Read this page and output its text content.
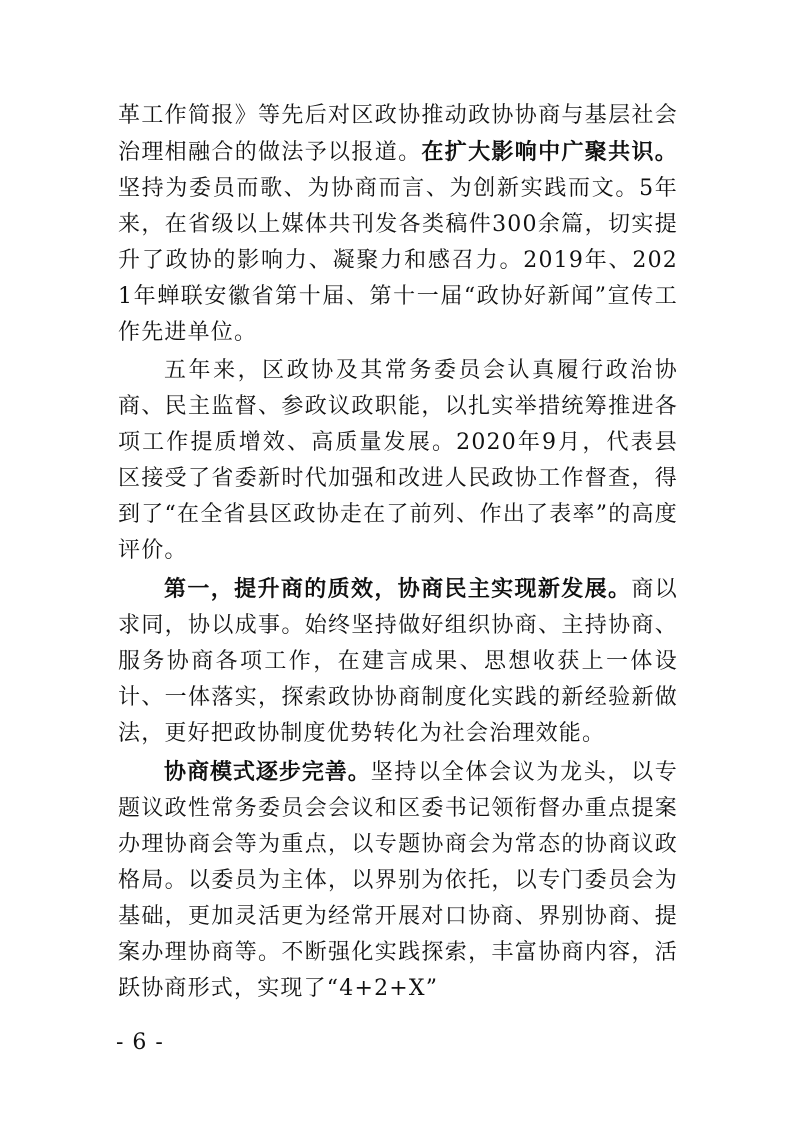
革工作简报》等先后对区政协推动政协协商与基层社会治理相融合的做法予以报道。在扩大影响中广聚共识。坚持为委员而歌、为协商而言、为创新实践而文。5年来，在省级以上媒体共刊发各类稿件300余篇，切实提升了政协的影响力、凝聚力和感召力。2019年、2021年蝉联安徽省第十届、第十一届“政协好新闻”宣传工作先进单位。

五年来，区政协及其常务委员会认真履行政治协商、民主监督、参政议政职能，以扎实举措统筹推进各项工作提质增效、高质量发展。2020年9月，代表县区接受了省委新时代加强和改进人民政协工作督查，得到了“在全省县区政协走在了前列、作出了表率”的高度评价。

第一，提升商的质效，协商民主实现新发展。商以求同，协以成事。始终坚持做好组织协商、主持协商、服务协商各项工作，在建言成果、思想收获上一体设计、一体落实，探索政协协商制度化实践的新经验新做法，更好把政协制度优势转化为社会治理效能。

协商模式逐步完善。坚持以全体会议为龙头，以专题议政性常务委员会会议和区委书记领衔督办重点提案办理协商会等为重点，以专题协商会为常态的协商议政格局。以委员为主体，以界别为依托，以专门委员会为基础，更加灵活更为经常开展对口协商、界别协商、提案办理协商等。不断强化实践探索，丰富协商内容，活跃协商形式，实现了“4+2+X”

- 6 -
